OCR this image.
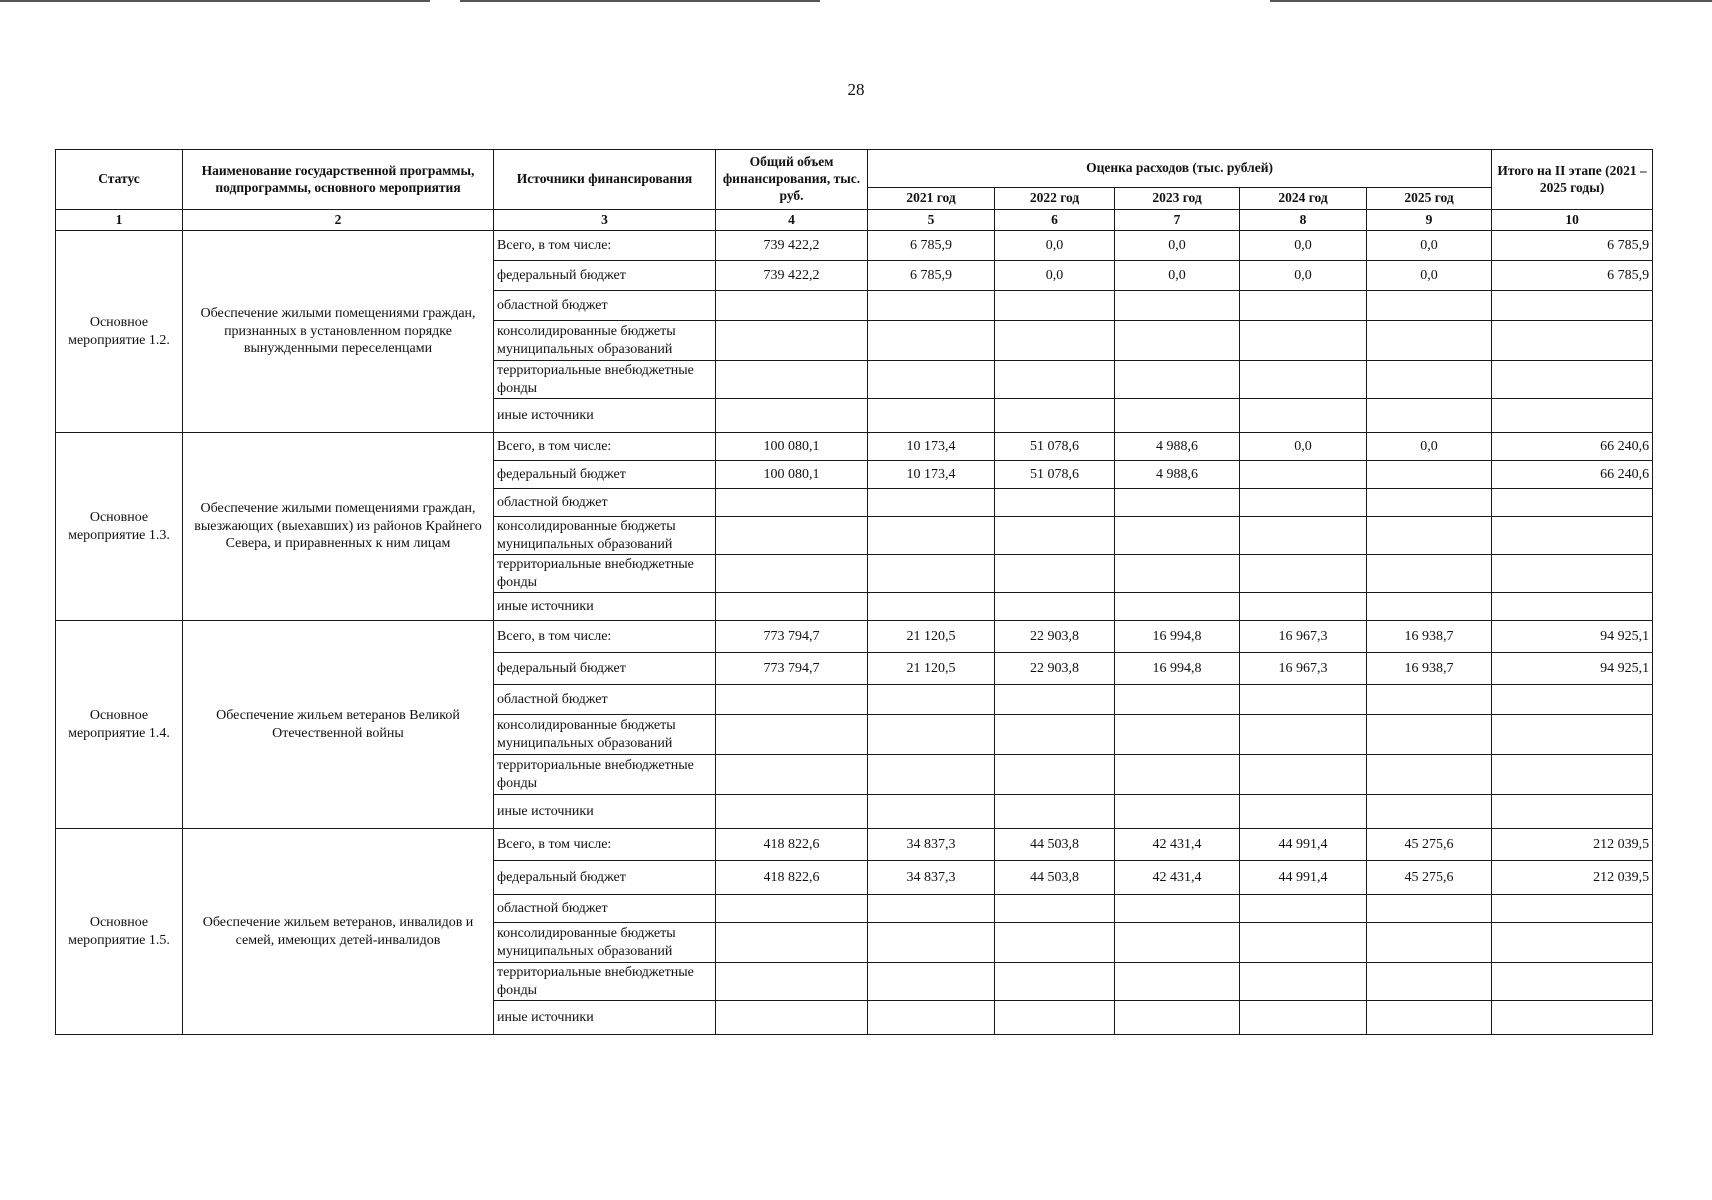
28
Статус	Наименование государственной программы, подпрограммы, основного мероприятия	Источники финансирования	Общий объем финансирования, тыс. руб.	Оценка расходов (тыс. рублей)					Итого на II этапе (2021 – 2025 годы)
				2021 год	2022 год	2023 год	2024 год	2025 год	
1	2	3	4	5	6	7	8	9	10
Основное мероприятие 1.2.	Обеспечение жилыми помещениями граждан, признанных в установленном порядке вынужденными переселенцами	Всего, в том числе:	739 422,2	6 785,9	0,0	0,0	0,0	0,0	6 785,9
		федеральный бюджет	739 422,2	6 785,9	0,0	0,0	0,0	0,0	6 785,9
		областной бюджет							
		консолидированные бюджеты муниципальных образований							
		территориальные внебюджетные фонды							
		иные источники							
Основное мероприятие 1.3.	Обеспечение жилыми помещениями граждан, выезжающих (выехавших) из районов Крайнего Севера, и приравненных к ним лицам	Всего, в том числе:	100 080,1	10 173,4	51 078,6	4 988,6	0,0	0,0	66 240,6
		федеральный бюджет	100 080,1	10 173,4	51 078,6	4 988,6			66 240,6
		областной бюджет							
		консолидированные бюджеты муниципальных образований							
		территориальные внебюджетные фонды							
		иные источники							
Основное мероприятие 1.4.	Обеспечение жильем ветеранов Великой Отечественной войны	Всего, в том числе:	773 794,7	21 120,5	22 903,8	16 994,8	16 967,3	16 938,7	94 925,1
		федеральный бюджет	773 794,7	21 120,5	22 903,8	16 994,8	16 967,3	16 938,7	94 925,1
		областной бюджет							
		консолидированные бюджеты муниципальных образований							
		территориальные внебюджетные фонды							
		иные источники							
Основное мероприятие 1.5.	Обеспечение жильем ветеранов, инвалидов и семей, имеющих детей-инвалидов	Всего, в том числе:	418 822,6	34 837,3	44 503,8	42 431,4	44 991,4	45 275,6	212 039,5
		федеральный бюджет	418 822,6	34 837,3	44 503,8	42 431,4	44 991,4	45 275,6	212 039,5
		областной бюджет							
		консолидированные бюджеты муниципальных образований							
		территориальные внебюджетные фонды							
		иные источники							
